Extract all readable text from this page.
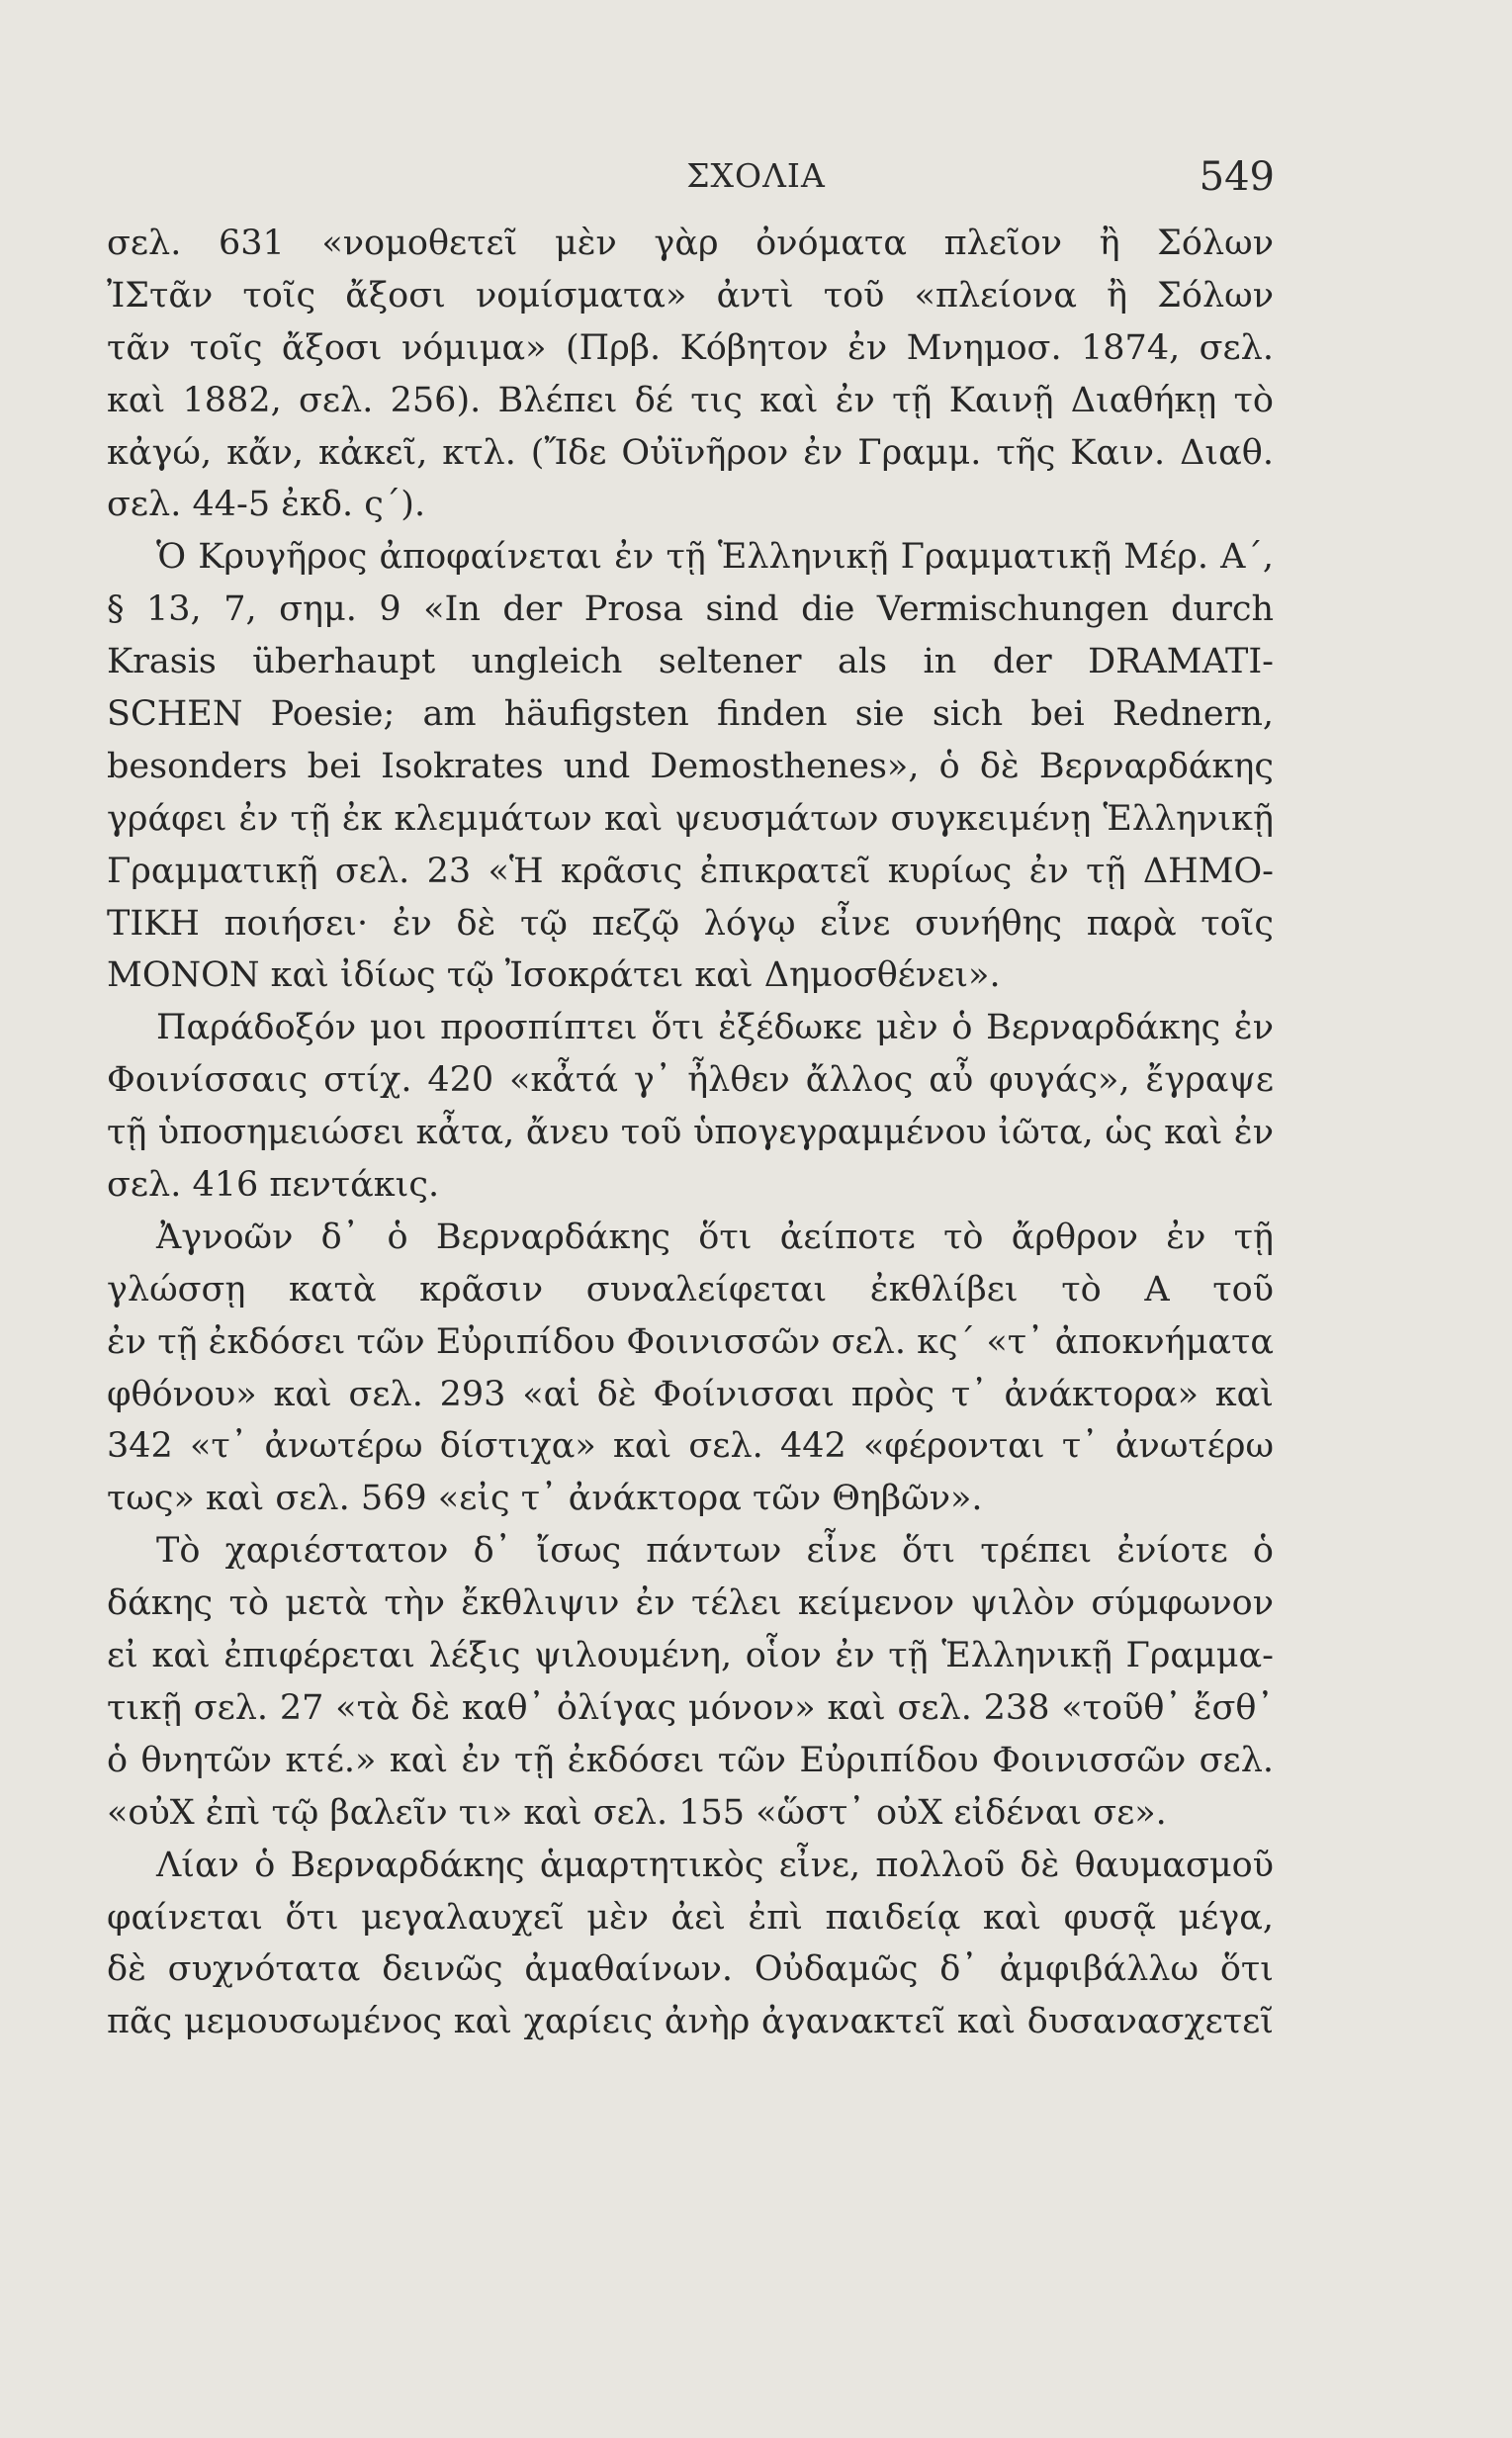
ΣΧΟΛΙΑ	549
σελ. 631 «νομοθετεῖ μὲν γὰρ ὀνόματα πλεῖον ἢ Σόλων
ἸΣτᾶν τοῖς ἄξοσι νομίσματα» ἀντὶ τοῦ «πλείονα ἢ Σόλων
τᾶν τοῖς ἄξοσι νόμιμα» (Πρβ. Κόβητον ἐν Μνημοσ. 1874, σελ.
καὶ 1882, σελ. 256). Βλέπει δέ τις καὶ ἐν τῇ Καινῇ Διαθήκῃ τὸ
κἀγώ, κἄν, κἀκεῖ, κτλ. (Ἴδε Οὐϊνῆρον ἐν Γραμμ. τῆς Καιν. Διαθ.
σελ. 44-5 ἐκδ. ς΄).
Ὁ Κρυγῆρος ἀποφαίνεται ἐν τῇ Ἑλληνικῇ Γραμματικῇ Μέρ. Α΄,
§ 13, 7, σημ. 9 «In der Prosa sind die Vermischungen durch
Krasis überhaupt ungleich seltener als in der DRAMATI-
SCHEN Poesie; am häufigsten finden sie sich bei Rednern,
besonders bei Isokrates und Demosthenes», ὁ δὲ Βερναρδάκης
γράφει ἐν τῇ ἐκ κλεμμάτων καὶ ψευσμάτων συγκειμένῃ Ἑλληνικῇ
Γραμματικῇ σελ. 23 «Ἡ κρᾶσις ἐπικρατεῖ κυρίως ἐν τῇ ΔΗΜΟ-
ΤΙΚΗ ποιήσει· ἐν δὲ τῷ πεζῷ λόγῳ εἶνε συνήθης παρὰ τοῖς
ΜΟΝΟΝ καὶ ἰδίως τῷ Ἰσοκράτει καὶ Δημοσθένει».
Παράδοξόν μοι προσπίπτει ὅτι ἐξέδωκε μὲν ὁ Βερναρδάκης ἐν
Φοινίσσαις στίχ. 420 «κἆτά γ᾿ ἦλθεν ἄλλος αὖ φυγάς», ἔγραψε
τῇ ὑποσημειώσει κἆτα, ἄνευ τοῦ ὑπογεγραμμένου ἰῶτα, ὡς καὶ ἐν
σελ. 416 πεντάκις.
Ἀγνοῶν δ᾿ ὁ Βερναρδάκης ὅτι ἀείποτε τὸ ἄρθρον ἐν τῇ
γλώσσῃ κατὰ κρᾶσιν συναλείφεται ἐκθλίβει τὸ Α τοῦ
ἐν τῇ ἐκδόσει τῶν Εὐριπίδου Φοινισσῶν σελ. κς΄ «τ᾿ ἀποκνήματα
φθόνου» καὶ σελ. 293 «αἱ δὲ Φοίνισσαι πρὸς τ᾿ ἀνάκτορα» καὶ
342 «τ᾿ ἀνωτέρω δίστιχα» καὶ σελ. 442 «φέρονται τ᾿ ἀνωτέρω
τως» καὶ σελ. 569 «εἰς τ᾿ ἀνάκτορα τῶν Θηβῶν».
Τὸ χαριέστατον δ᾿ ἴσως πάντων εἶνε ὅτι τρέπει ἐνίοτε ὁ
δάκης τὸ μετὰ τὴν ἔκθλιψιν ἐν τέλει κείμενον ψιλὸν σύμφωνον
εἰ καὶ ἐπιφέρεται λέξις ψιλουμένη, οἷον ἐν τῇ Ἑλληνικῇ Γραμμα-
τικῇ σελ. 27 «τὰ δὲ καθ᾿ ὀλίγας μόνον» καὶ σελ. 238 «τοῦθ᾿ ἔσθ᾿
ὁ θνητῶν κτέ.» καὶ ἐν τῇ ἐκδόσει τῶν Εὐριπίδου Φοινισσῶν σελ.
«οὐΧ ἐπὶ τῷ βαλεῖν τι» καὶ σελ. 155 «ὥστ᾿ οὐΧ εἰδέναι σε».
Λίαν ὁ Βερναρδάκης ἁμαρτητικὸς εἶνε, πολλοῦ δὲ θαυμασμοῦ
φαίνεται ὅτι μεγαλαυχεῖ μὲν ἀεὶ ἐπὶ παιδείᾳ καὶ φυσᾷ μέγα,
δὲ συχνότατα δεινῶς ἀμαθαίνων. Οὐδαμῶς δ᾿ ἀμφιβάλλω ὅτι
πᾶς μεμουσωμένος καὶ χαρίεις ἀνὴρ ἀγανακτεῖ καὶ δυσανασχετεῖ
